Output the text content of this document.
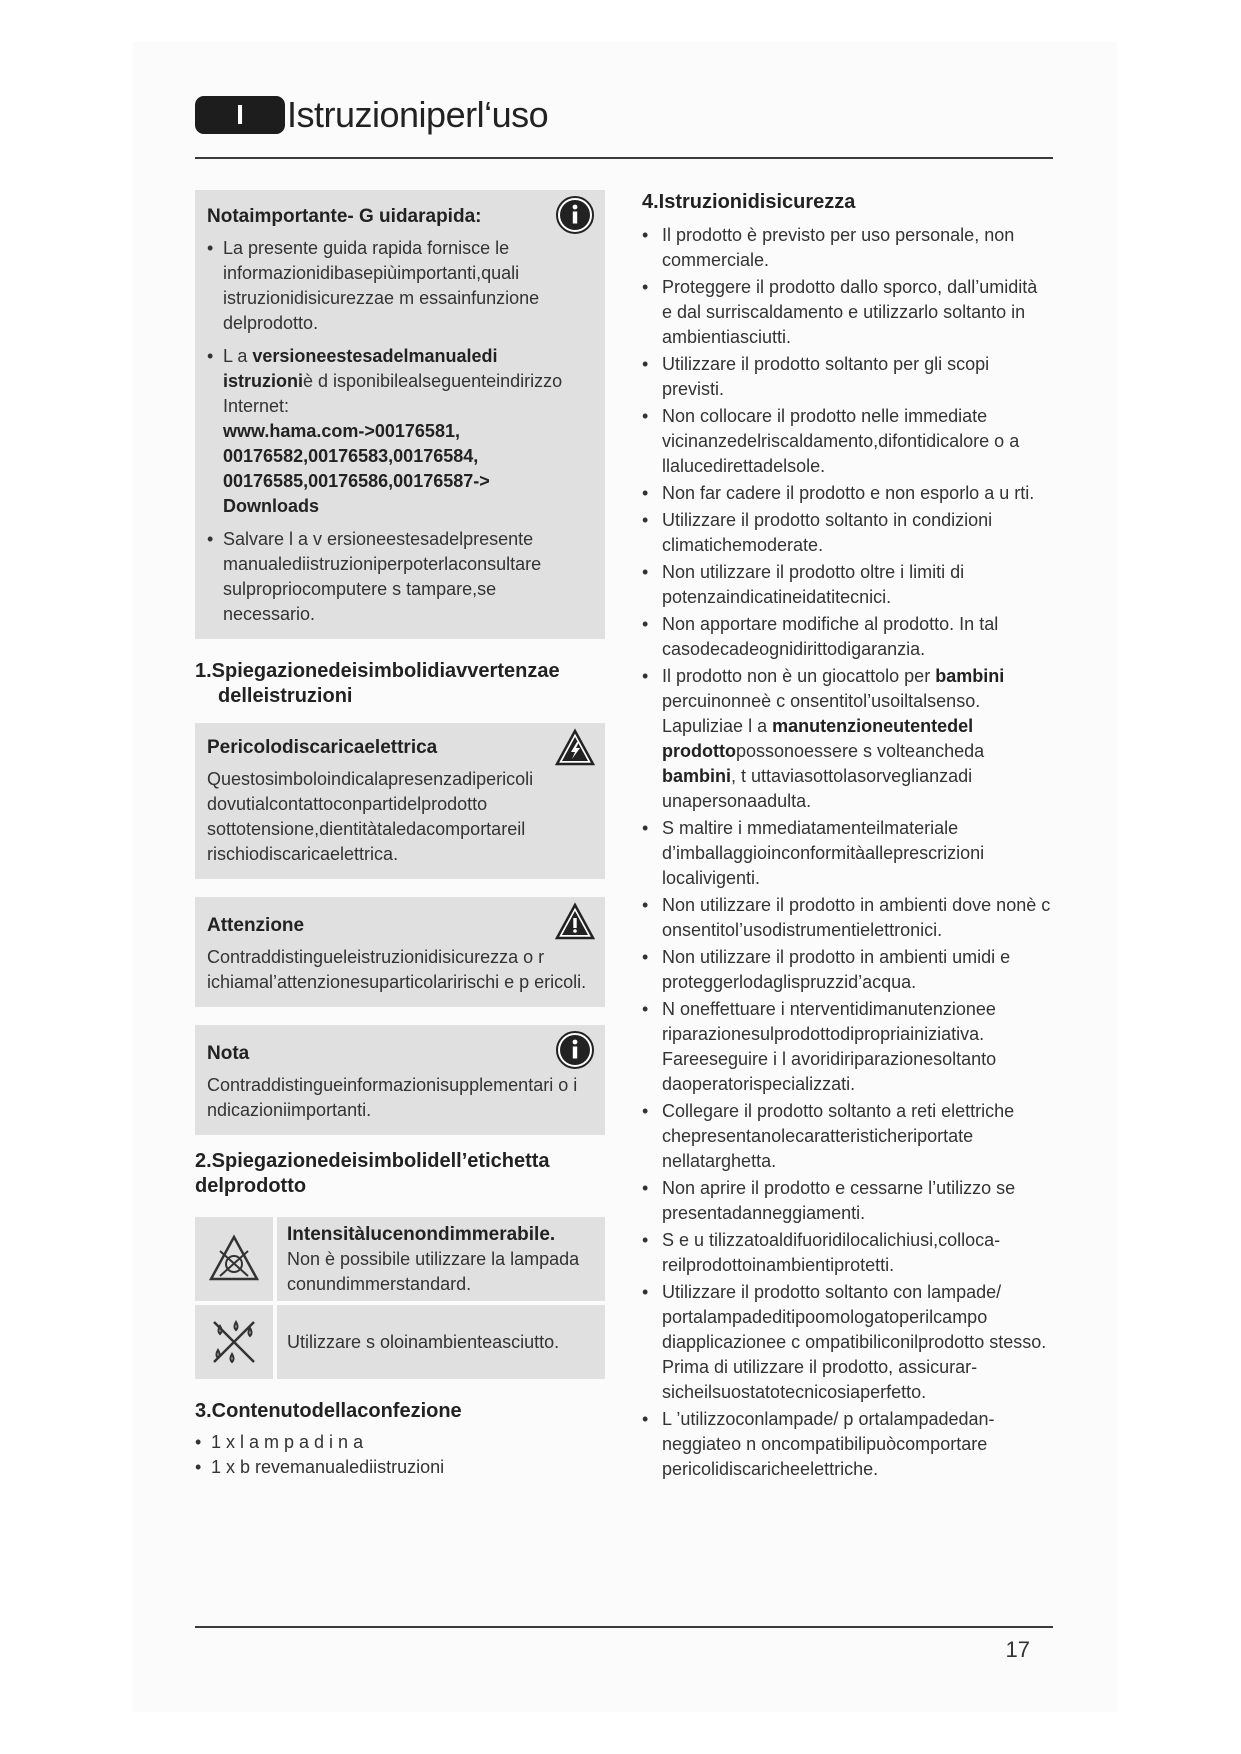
I	Istruzioniperl‘uso
Notaimportante- G uidarapida:
• La presente guida rapida fornisce le informazionidibasepiùimportanti,quali istruzionidisicurezzae m essainfunzione delprodotto.
• L a versioneestesadelmanualedi
istruzioniè d isponibilealseguenteindirizzo Internet:
www.hama.com->00176581,
00176582,00176583,00176584,
00176585,00176586,00176587->
Downloads
• Salvare l a v ersioneestesadelpresente manualediistruzioniperpoterlaconsultare sulpropriocomputere s tampare,se necessario.
1.Spiegazionedeisimbolidiavvertenzae
delleistruzioni
Pericolodiscaricaelettrica
Questosimboloindicalapresenzadipericoli dovutialcontattoconpartidelprodotto sottotensione,dientitàtaledacomportareil rischiodiscaricaelettrica.
Attenzione
Contraddistingueleistruzionidisicurezza o r ichiamal’attenzionesuparticolaririschi e p ericoli.
Nota
Contraddistingueinformazionisupplementari o i ndicazioniimportanti.
2.Spiegazionedeisimbolidell’etichetta
delprodotto
Intensitàlucenondimmerabile.
Non è possibile utilizzare la lampada conundimmerstandard.
Utilizzare s oloinambienteasciutto.
3.Contenutodellaconfezione
• 1 x l a m p a d i n a
• 1 x b revemanualediistruzioni
4.Istruzionidisicurezza
• Il prodotto è previsto per uso personale, non commerciale.
• Proteggere il prodotto dallo sporco, dall’umidità e dal surriscaldamento e utilizzarlo soltanto in ambientiasciutti.
• Utilizzare il prodotto soltanto per gli scopi previsti.
• Non collocare il prodotto nelle immediate vicinanzedelriscaldamento,difontidicalore o a llalucedirettadelsole.
• Non far cadere il prodotto e non esporlo a u rti.
• Utilizzare il prodotto soltanto in condizioni climatichemoderate.
• Non utilizzare il prodotto oltre i limiti di potenzaindicatineidatitecnici.
• Non apportare modifiche al prodotto. In tal casodecadeognidirittodigaranzia.
• Il prodotto non è un giocattolo per bambini percuinonneè c onsentitol’usoiltalsenso. Lapuliziae l a manutenzioneutentedel prodottopossonoessere s volteancheda bambini, t uttaviasottolasorveglianzadi unapersonaadulta.
• S maltire i mmediatamenteilmateriale d’imballaggioinconformitàalleprescrizioni localivigenti.
• Non utilizzare il prodotto in ambienti dove nonè c onsentitol’usodistrumentielettronici.
• Non utilizzare il prodotto in ambienti umidi e proteggerlodaglispruzzid’acqua.
• N oneffettuare i nterventidimanutenzionee riparazionesulprodottodipropriainiziativa. Fareeseguire i l avoridiriparazionesoltanto daoperatorispecializzati.
• Collegare il prodotto soltanto a reti elettriche chepresentanolecaratteristicheriportate nellatarghetta.
• Non aprire il prodotto e cessarne l’utilizzo se presentadanneggiamenti.
• S e u tilizzatoaldifuoridilocalichiusi,colloca- reilprodottoinambientiprotetti.
• Utilizzare il prodotto soltanto con lampade/ portalampadeditipoomologatoperilcampo diapplicazionee c ompatibiliconilprodotto stesso. Prima di utilizzare il prodotto, assicurar- sicheilsuostatotecnicosiaperfetto.
• L ’utilizzoconlampade/ p ortalampadedan- neggiateo n oncompatibilipuòcomportare pericolidiscaricheelettriche.
17
